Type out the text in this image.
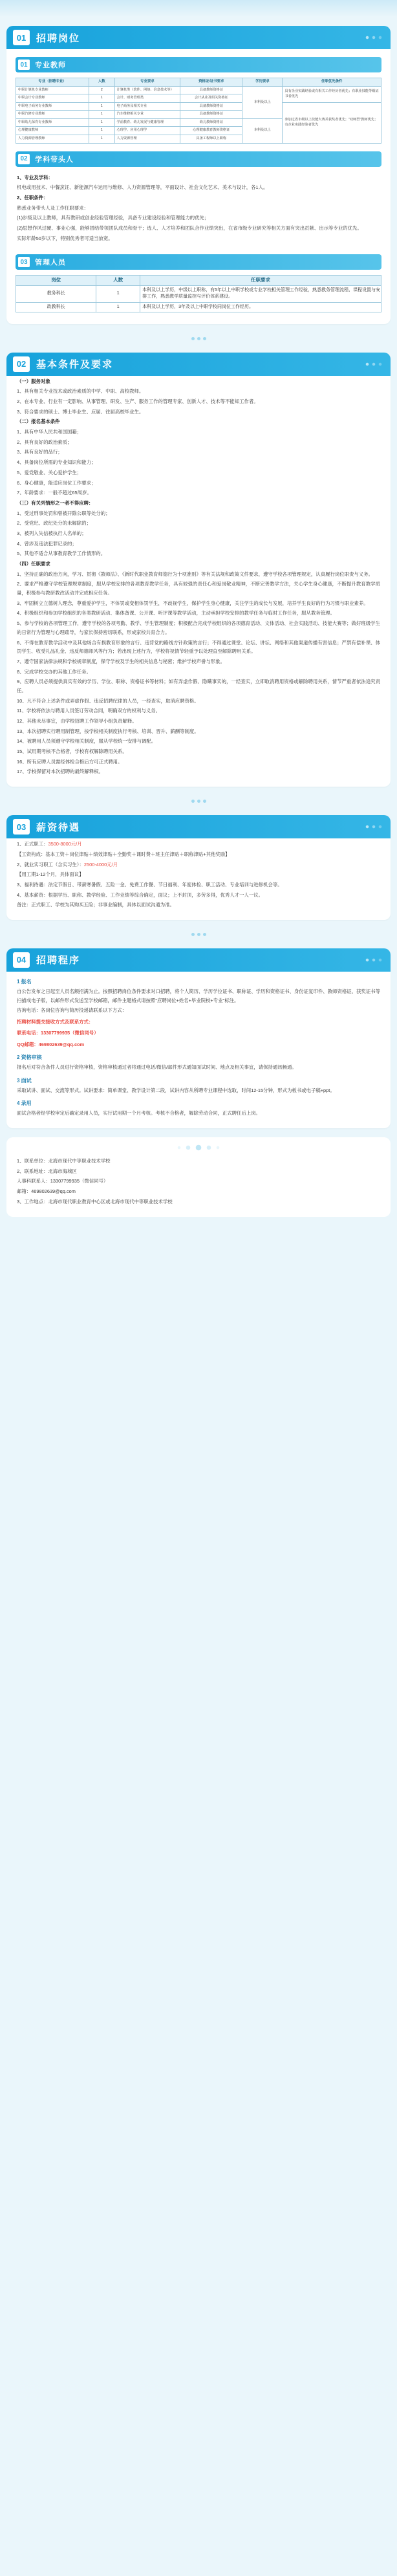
01	招聘岗位
01	专业教师
专业（招聘专业）	人数	专业要求	资格证/证书要求	学历要求	任职优先条件
中职计算机专业教师	2	计算机类（软件、网络、信息技术等）	具备教师资格证	本科及以上	具有企业实践经验或有相关工作经历者优先；有职业技能等级证书者优先
中职会计专业教师	1	会计、财务管理类	会计从业及相关资格证		
中职电子商务专业教师	1	电子商务及相关专业	具备教师资格证		参加过省市级以上技能大赛并获奖者优先；"双师型"教师优先；有企业实践经验者优先
中职汽修专业教师	1	汽车维修相关专业	具备教师资格证		
中职幼儿保育专业教师	1	学前教育、幼儿发展与健康管理	幼儿教师资格证	本科及以上	
心理健康教师	1	心理学、应用心理学	心理健康教育教师资格证		
人力资源管理教师	1	人力资源管理	具备工程师以上职称		
02	学科带头人
1、专业及学科：
机电或用技术、中餐烹饪、新能源汽车运用与维修、人力资源管理等，平面设计、社会文化艺术、美术与设计，各1人。
2、任职条件：
熟悉业务带头人及工作任职要求：
(1)步级及以上教师，具有教研或创业经验管理经验，具备专业建设经验和管理能力的优先；
(2)思想作风过硬、事业心强，能够团结带领团队成员和骨干；选人、人才培养和团队合作业绩突出，在省市级专业研究等相关方面有突出贡献、出示等专业的优先。
实际年龄50岁以下，特别优秀者可适当放宽。
03	管理人员
岗位	人数	任职要求
教务科长	1	本科及以上学历，中级以上职称，有5年以上中职学校或专业学校相关管理工作经验，熟悉教务管理流程、课程设置与安排工作，熟悉教学质量监控与评价体系建设。
政教科长	1	本科及以上学历，3年及以上中职学校同岗位工作经历。
02	基本条件及要求
（一）服务对象
1、具有相关专业技术或政治素质的中学、中职、高校教师。
2、在本专业、行业有一定影响、从事管理、研发、生产、服务工作的管理专家、创新人才、技术等不能知工作者。
3、符合要求的硕士、博士毕业生、应届、往届高校毕业生。
（二）报名基本条件
1、具有中华人民共和国国籍；
2、具有良好的政治素质；
3、具有良好的品行；
4、具备岗位所需的专业知识和能力；
5、爱党敬业、关心爱护学生；
6、身心健康，能适应岗位工作要求；
7、年龄要求：一般不超过65周岁。
（三）有关列情形之一者不得应聘：
1、受过刑事处罚和曾被开除公职等处分的；
2、受党纪、政纪处分的未解除的；
3、被列入失信被执行人名单的；
4、曾涉及违法犯罪记录的；
5、其他不适合从事教育教学工作情形的。
（四）任职要求
1、坚持正确的政治方向，学习、贯彻《教师法》、《新时代职业教育师德行为十项准则》等有关法规和政策文件要求，遵守学校各项管理规定，认真履行岗位职责与义务。
2、要求严格遵守学校管理规章制度，服从学校安排的各项教育教学任务，具有较强的责任心和爱岗敬业精神，不断完善教学方法，关心学生身心健康，不断提升教育教学质量，积极参与教研教改活动并完成相应任务。
3、牢固树立立德树人理念，尊重爱护学生，不体罚或变相体罚学生，不歧视学生，保护学生身心健康，关注学生的成长与发展，培养学生良好的行为习惯与职业素养。
4、积极组织和参加学校组织的各类教研活动、集体备课、公开课、听评课等教学活动，主动承担学校安排的教学任务与临时工作任务，服从教务管理。
5、参与学校的各项管理工作，遵守学校的各项考勤、教学、学生管理制度；积极配合完成学校组织的各项德育活动、文体活动、社会实践活动、技能大赛等；做好班级学生的日常行为管理与心理疏导，与家长保持密切联系，形成家校共育合力。
6、不得在教育教学活动中及其他场合有损教育形象的言行、违背党的路线方针政策的言行；不得通过课堂、论坛、讲坛、网络和其他渠道传播有害信息；严禁有偿补课、体罚学生、收受礼品礼金、违反师德师风等行为；若出现上述行为，学校将视情节轻重予以处理直至解除聘用关系。
7、遵守国家法律法规和学校规章制度，保守学校及学生的相关信息与秘密；维护学校声誉与形象。
8、完成学校交办的其他工作任务。
9、应聘人员必须提供真实有效的学历、学位、职称、资格证书等材料；如有弄虚作假、隐瞒事实的，一经查实，立即取消聘用资格或解除聘用关系，情节严重者依法追究责任。
10、凡不符合上述条件或弄虚作假、违反招聘纪律的人员，一经查实，取消应聘资格。
11、学校将依法与聘用人员签订劳动合同，明确双方的权利与义务。
12、其他未尽事宜，由学校招聘工作领导小组负责解释。
13、本次招聘实行聘用制管理，按学校相关制度执行考核、培训、晋升、薪酬等制度。
14、被聘用人员须遵守学校相关制度，服从学校统一安排与调配。
15、试用期考核不合格者，学校有权解除聘用关系。
16、所有应聘人员需经体检合格后方可正式聘用。
17、学校保留对本次招聘的最终解释权。
03	薪资待遇
1、正式职工：3500-8000元/月
【工资构成：基本工资＋岗位津贴＋绩效津贴＋全勤奖＋课时费＋班主任津贴＋职称津贴+其他奖励】
2、就业实习职工（含实习生）：2500-4000元/月
【用工期1-12个月，具体面议】
3、福利待遇：法定节假日、带薪寒暑假、五险一金、免费工作餐、节日福利、年度体检、职工活动、专业培训与进修机会等。
4、基本薪资：根据学历、职称、教学经验、工作业绩等综合确定，面议；上不封顶，多劳多得，优秀人才一人一议。
备注：正式职工、学校为其购买五险；非事业编制，具体以面试沟通为准。
04	招聘程序
1 报名
自公告发布之日起至人员名额招满为止。按照招聘岗位条件要求对口招聘，将个人简历、学历学位证书、职称证、学历和资格证书、身份证复印件、教师资格证、获奖证书等扫描成电子版，以邮件形式发送至学校邮箱，邮件主题格式请按照"应聘岗位+姓名+毕业院校+专业"标注。
咨询电话：各岗位咨询与简历投递请联系以下方式：
招聘材料提交接收方式及联系方式：
联系电话：13307799935（微信同号）
QQ邮箱：469802639@qq.com
2 资格审核
报名后对符合条件人员进行资格审核，资格审核通过者将通过电话/微信/邮件形式通知面试时间、地点及相关事宜，请保持通讯畅通。
3 面试
采取试讲、面试、交流等形式。试讲要求：简单课堂、教学设计第二段，试讲内容从所聘专业课程中选取，时间12-15分钟，形式为板书或电子稿+ppt。
4 录用
面试合格者经学校审定后确定录用人员，实行试用期一个月考核。考核不合格者，解除劳动合同，正式聘任后上岗。
1、联系单位：北海市现代中等职业技术学校
2、联系地址：北海市海城区
人事科联系人：13307799935（微信同号）
邮箱：469802639@qq.com
3、工作地点：北海市现代职业教育中心区或北海市现代中等职业技术学校
